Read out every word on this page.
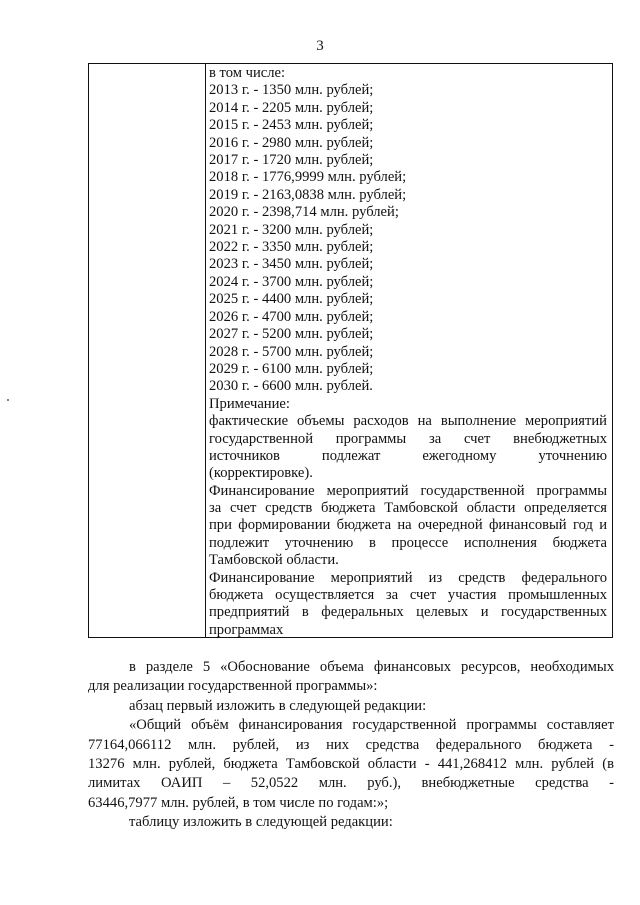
3
в том числе:
2013 г. - 1350 млн. рублей;
2014 г. - 2205 млн. рублей;
2015 г. - 2453 млн. рублей;
2016 г. - 2980 млн. рублей;
2017 г. - 1720 млн. рублей;
2018 г. - 1776,9999 млн. рублей;
2019 г. - 2163,0838 млн. рублей;
2020 г. - 2398,714 млн. рублей;
2021 г. - 3200 млн. рублей;
2022 г. - 3350 млн. рублей;
2023 г. - 3450 млн. рублей;
2024 г. - 3700 млн. рублей;
2025 г. - 4400 млн. рублей;
2026 г. - 4700 млн. рублей;
2027 г. - 5200 млн. рублей;
2028 г. - 5700 млн. рублей;
2029 г. - 6100 млн. рублей;
2030 г. - 6600 млн. рублей.
Примечание:
фактические объемы расходов на выполнение мероприятий
государственной программы за счет внебюджетных
источников подлежат ежегодному уточнению
(корректировке).
Финансирование мероприятий государственной программы
за счет средств бюджета Тамбовской области определяется
при формировании бюджета на очередной финансовый год и
подлежит уточнению в процессе исполнения бюджета
Тамбовской области.
Финансирование мероприятий из средств федерального
бюджета осуществляется за счет участия промышленных
предприятий в федеральных целевых и государственных
программах
в разделе 5 «Обоснование объема финансовых ресурсов, необходимых
для реализации государственной программы»:
абзац первый изложить в следующей редакции:
«Общий объём финансирования государственной программы составляет
77164,066112 млн. рублей, из них средства федерального бюджета -
13276 млн. рублей, бюджета Тамбовской области - 441,268412 млн. рублей (в
лимитах ОАИП – 52,0522 млн. руб.), внебюджетные средства -
63446,7977 млн. рублей, в том числе по годам:»;
таблицу изложить в следующей редакции:
